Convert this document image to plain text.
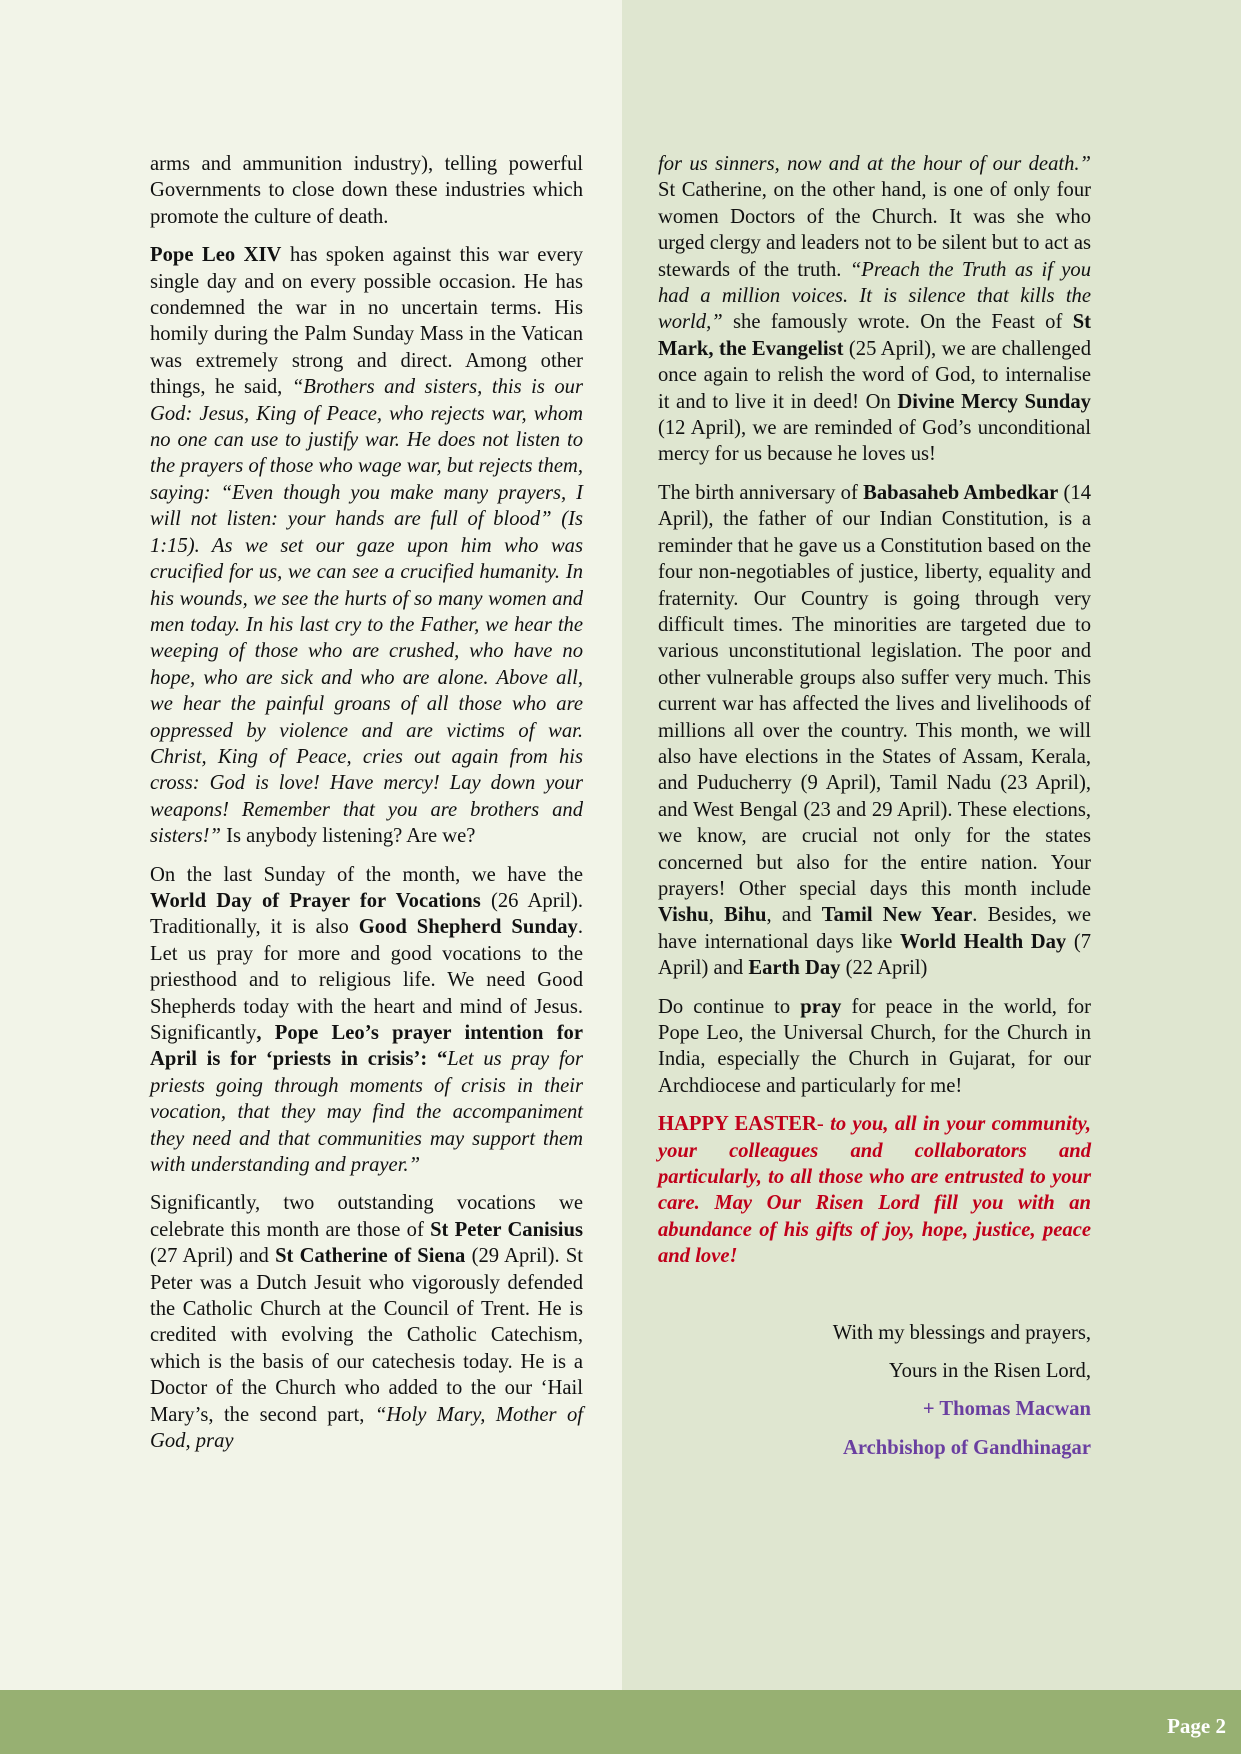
arms and ammunition industry), telling powerful Governments to close down these industries which promote the culture of death.

Pope Leo XIV has spoken against this war every single day and on every possible occasion. He has condemned the war in no uncertain terms. His homily during the Palm Sunday Mass in the Vatican was extremely strong and direct. Among other things, he said, “Brothers and sisters, this is our God: Jesus, King of Peace, who rejects war, whom no one can use to justify war. He does not listen to the prayers of those who wage war, but rejects them, saying: “Even though you make many prayers, I will not listen: your hands are full of blood” (Is 1:15). As we set our gaze upon him who was crucified for us, we can see a crucified humanity. In his wounds, we see the hurts of so many women and men today. In his last cry to the Father, we hear the weeping of those who are crushed, who have no hope, who are sick and who are alone. Above all, we hear the painful groans of all those who are oppressed by violence and are victims of war. Christ, King of Peace, cries out again from his cross: God is love! Have mercy! Lay down your weapons! Remember that you are brothers and sisters!” Is anybody listening? Are we?

On the last Sunday of the month, we have the World Day of Prayer for Vocations (26 April). Traditionally, it is also Good Shepherd Sunday. Let us pray for more and good vocations to the priesthood and to religious life. We need Good Shepherds today with the heart and mind of Jesus. Significantly, Pope Leo’s prayer intention for April is for ‘priests in crisis’: “Let us pray for priests going through moments of crisis in their vocation, that they may find the accompaniment they need and that communities may support them with understanding and prayer.”

Significantly, two outstanding vocations we celebrate this month are those of St Peter Canisius (27 April) and St Catherine of Siena (29 April). St Peter was a Dutch Jesuit who vigorously defended the Catholic Church at the Council of Trent. He is credited with evolving the Catholic Catechism, which is the basis of our catechesis today. He is a Doctor of the Church who added to the our ‘Hail Mary’s, the second part, “Holy Mary, Mother of God, pray

for us sinners, now and at the hour of our death.” St Catherine, on the other hand, is one of only four women Doctors of the Church. It was she who urged clergy and leaders not to be silent but to act as stewards of the truth. “Preach the Truth as if you had a million voices. It is silence that kills the world,” she famously wrote. On the Feast of St Mark, the Evangelist (25 April), we are challenged once again to relish the word of God, to internalise it and to live it in deed! On Divine Mercy Sunday (12 April), we are reminded of God’s unconditional mercy for us because he loves us!

The birth anniversary of Babasaheb Ambedkar (14 April), the father of our Indian Constitution, is a reminder that he gave us a Constitution based on the four non-negotiables of justice, liberty, equality and fraternity. Our Country is going through very difficult times. The minorities are targeted due to various unconstitutional legislation. The poor and other vulnerable groups also suffer very much. This current war has affected the lives and livelihoods of millions all over the country. This month, we will also have elections in the States of Assam, Kerala, and Puducherry (9 April), Tamil Nadu (23 April), and West Bengal (23 and 29 April). These elections, we know, are crucial not only for the states concerned but also for the entire nation. Your prayers! Other special days this month include Vishu, Bihu, and Tamil New Year. Besides, we have international days like World Health Day (7 April) and Earth Day (22 April)

Do continue to pray for peace in the world, for Pope Leo, the Universal Church, for the Church in India, especially the Church in Gujarat, for our Archdiocese and particularly for me!

HAPPY EASTER- to you, all in your community, your colleagues and collaborators and particularly, to all those who are entrusted to your care. May Our Risen Lord fill you with an abundance of his gifts of joy, hope, justice, peace and love!

With my blessings and prayers,

Yours in the Risen Lord,

+ Thomas Macwan

Archbishop of Gandhinagar

Page 2
